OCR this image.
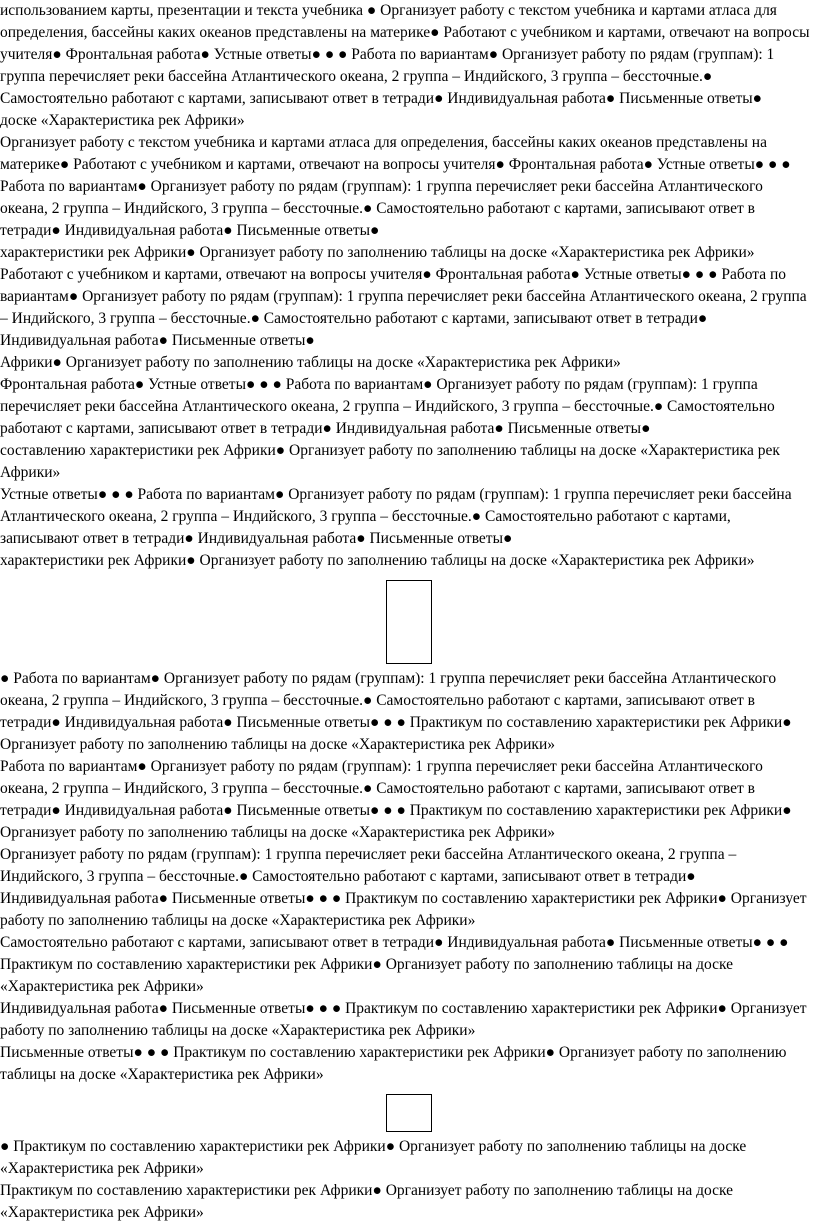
использованием карты, презентации и текста учебника ● Организует работу с текстом учебника и картами атласа для определения, бассейны каких океанов представлены на материке● Работают с учебником и картами, отвечают на вопросы учителя● Фронтальная работа● Устные ответы● ● ● Работа по вариантам● Организует работу по рядам (группам): 1 группа перечисляет реки бассейна Атлантического океана, 2 группа – Индийского, 3 группа – бессточные.● Самостоятельно работают с картами, записывают ответ в тетради● Индивидуальная работа● Письменные ответы●

доске «Характеристика рек Африки»

Организует работу с текстом учебника и картами атласа для определения, бассейны каких океанов представлены на материке● Работают с учебником и картами, отвечают на вопросы учителя● Фронтальная работа● Устные ответы● ● ● Работа по вариантам● Организует работу по рядам (группам): 1 группа перечисляет реки бассейна Атлантического океана, 2 группа – Индийского, 3 группа – бессточные.● Самостоятельно работают с картами, записывают ответ в тетради● Индивидуальная работа● Письменные ответы●

характеристики рек Африки● Организует работу по заполнению таблицы на доске «Характеристика рек Африки»

Работают с учебником и картами, отвечают на вопросы учителя● Фронтальная работа● Устные ответы● ● ● Работа по вариантам● Организует работу по рядам (группам): 1 группа перечисляет реки бассейна Атлантического океана, 2 группа – Индийского, 3 группа – бессточные.● Самостоятельно работают с картами, записывают ответ в тетради● Индивидуальная работа● Письменные ответы●

Африки● Организует работу по заполнению таблицы на доске «Характеристика рек Африки»

Фронтальная работа● Устные ответы● ● ● Работа по вариантам● Организует работу по рядам (группам): 1 группа перечисляет реки бассейна Атлантического океана, 2 группа – Индийского, 3 группа – бессточные.● Самостоятельно работают с картами, записывают ответ в тетради● Индивидуальная работа● Письменные ответы●

составлению характеристики рек Африки● Организует работу по заполнению таблицы на доске «Характеристика рек Африки»

Устные ответы● ● ● Работа по вариантам● Организует работу по рядам (группам): 1 группа перечисляет реки бассейна Атлантического океана, 2 группа – Индийского, 3 группа – бессточные.● Самостоятельно работают с картами, записывают ответ в тетради● Индивидуальная работа● Письменные ответы●

характеристики рек Африки● Организует работу по заполнению таблицы на доске «Характеристика рек Африки»

● Работа по вариантам● Организует работу по рядам (группам): 1 группа перечисляет реки бассейна Атлантического океана, 2 группа – Индийского, 3 группа – бессточные.● Самостоятельно работают с картами, записывают ответ в тетради● Индивидуальная работа● Письменные ответы● ● ● Практикум по составлению характеристики рек Африки● Организует работу по заполнению таблицы на доске «Характеристика рек Африки»

Работа по вариантам● Организует работу по рядам (группам): 1 группа перечисляет реки бассейна Атлантического океана, 2 группа – Индийского, 3 группа – бессточные.● Самостоятельно работают с картами, записывают ответ в тетради● Индивидуальная работа● Письменные ответы● ● ● Практикум по составлению характеристики рек Африки● Организует работу по заполнению таблицы на доске «Характеристика рек Африки»

Организует работу по рядам (группам): 1 группа перечисляет реки бассейна Атлантического океана, 2 группа – Индийского, 3 группа – бессточные.● Самостоятельно работают с картами, записывают ответ в тетради● Индивидуальная работа● Письменные ответы● ● ● Практикум по составлению характеристики рек Африки● Организует работу по заполнению таблицы на доске «Характеристика рек Африки»

Самостоятельно работают с картами, записывают ответ в тетради● Индивидуальная работа● Письменные ответы● ● ● Практикум по составлению характеристики рек Африки● Организует работу по заполнению таблицы на доске «Характеристика рек Африки»

Индивидуальная работа● Письменные ответы● ● ● Практикум по составлению характеристики рек Африки● Организует работу по заполнению таблицы на доске «Характеристика рек Африки»

Письменные ответы● ● ● Практикум по составлению характеристики рек Африки● Организует работу по заполнению таблицы на доске «Характеристика рек Африки»

● Практикум по составлению характеристики рек Африки● Организует работу по заполнению таблицы на доске «Характеристика рек Африки»

Практикум по составлению характеристики рек Африки● Организует работу по заполнению таблицы на доске «Характеристика рек Африки»
